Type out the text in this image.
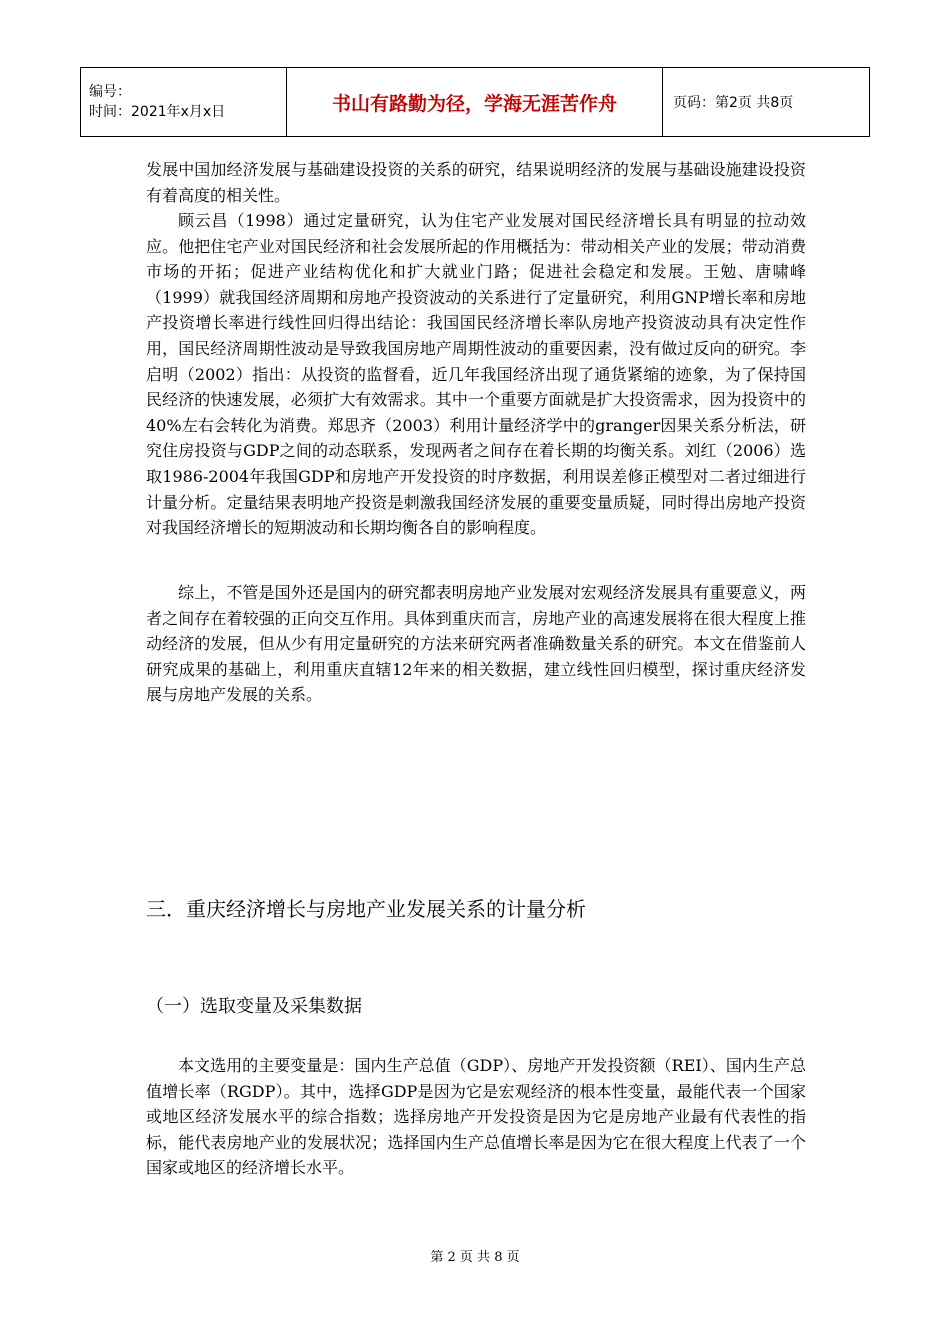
编号：
时间：2021年x月x日	书山有路勤为径，学海无涯苦作舟	页码：第2页 共8页

发展中国加经济发展与基础建设投资的关系的研究，结果说明经济的发展与基础设施建设投资有着高度的相关性。

顾云昌（1998）通过定量研究，认为住宅产业发展对国民经济增长具有明显的拉动效应。他把住宅产业对国民经济和社会发展所起的作用概括为：带动相关产业的发展；带动消费市场的开拓；促进产业结构优化和扩大就业门路；促进社会稳定和发展。王勉、唐啸峰（1999）就我国经济周期和房地产投资波动的关系进行了定量研究，利用GNP增长率和房地产投资增长率进行线性回归得出结论：我国国民经济增长率队房地产投资波动具有决定性作用，国民经济周期性波动是导致我国房地产周期性波动的重要因素，没有做过反向的研究。李启明（2002）指出：从投资的监督看，近几年我国经济出现了通货紧缩的迹象，为了保持国民经济的快速发展，必须扩大有效需求。其中一个重要方面就是扩大投资需求，因为投资中的40%左右会转化为消费。郑思齐（2003）利用计量经济学中的granger因果关系分析法，研究住房投资与GDP之间的动态联系，发现两者之间存在着长期的均衡关系。刘红（2006）选取1986-2004年我国GDP和房地产开发投资的时序数据，利用误差修正模型对二者过细进行计量分析。定量结果表明地产投资是刺激我国经济发展的重要变量质疑，同时得出房地产投资对我国经济增长的短期波动和长期均衡各自的影响程度。

综上，不管是国外还是国内的研究都表明房地产业发展对宏观经济发展具有重要意义，两者之间存在着较强的正向交互作用。具体到重庆而言，房地产业的高速发展将在很大程度上推动经济的发展，但从少有用定量研究的方法来研究两者准确数量关系的研究。本文在借鉴前人研究成果的基础上，利用重庆直辖12年来的相关数据，建立线性回归模型，探讨重庆经济发展与房地产发展的关系。

三．重庆经济增长与房地产业发展关系的计量分析
（一）选取变量及采集数据

本文选用的主要变量是：国内生产总值（GDP）、房地产开发投资额（REI）、国内生产总值增长率（RGDP）。其中，选择GDP是因为它是宏观经济的根本性变量，最能代表一个国家或地区经济发展水平的综合指数；选择房地产开发投资是因为它是房地产业最有代表性的指标，能代表房地产业的发展状况；选择国内生产总值增长率是因为它在很大程度上代表了一个国家或地区的经济增长水平。

第 2 页 共 8 页
